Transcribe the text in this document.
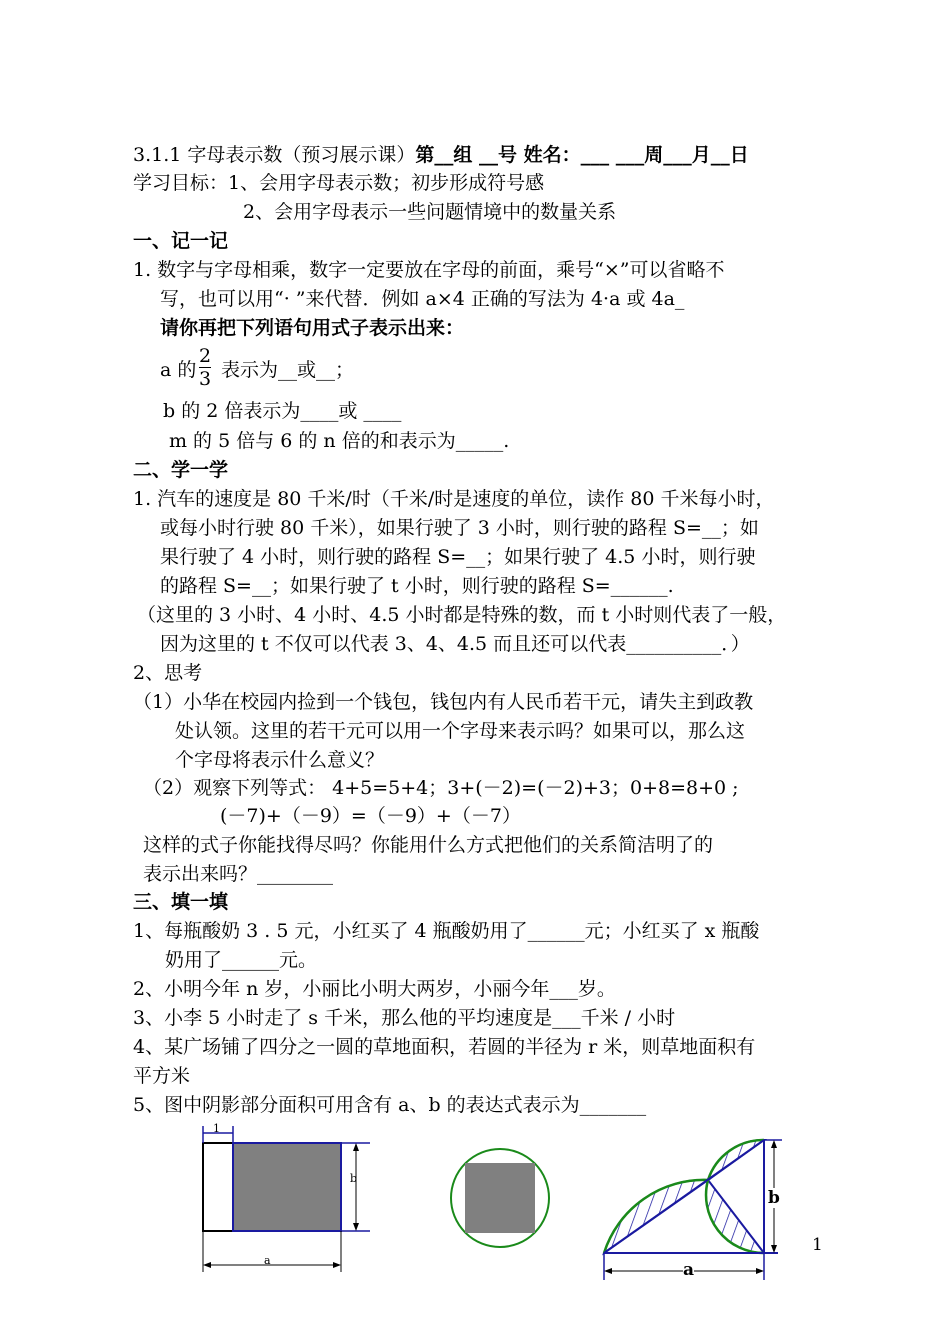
3.1.1 字母表示数（预习展示课）第__组 __号 姓名：___ ___周___月__日
学习目标：1、会用字母表示数；初步形成符号感
2、会用字母表示一些问题情境中的数量关系
一、记一记
1. 数字与字母相乘，数字一定要放在字母的前面，乘号“×”可以省略不
写，也可以用“· ”来代替．例如 a×4 正确的写法为 4·a 或 4a_
请你再把下列语句用式子表示出来：
a 的 $\frac{2}{3}$ 表示为__或__；
b 的 2 倍表示为____或 ____
m 的 5 倍与 6 的 n 倍的和表示为_____.
二、学一学
1. 汽车的速度是 80 千米/时（千米/时是速度的单位，读作 80 千米每小时，
或每小时行驶 80 千米），如果行驶了 3 小时，则行驶的路程 S=__；如
果行驶了 4 小时，则行驶的路程 S=__；如果行驶了 4.5 小时，则行驶
的路程 S=__；如果行驶了 t 小时，则行驶的路程 S=______.
（这里的 3 小时、4 小时、4.5 小时都是特殊的数，而 t 小时则代表了一般，
因为这里的 t 不仅可以代表 3、4、4.5 而且还可以代表__________．）
2、思考
（1）小华在校园内捡到一个钱包，钱包内有人民币若干元，请失主到政教
处认领。这里的若干元可以用一个字母来表示吗？如果可以，那么这
个字母将表示什么意义？
（2）观察下列等式： 4+5=5+4；3+(－2)=(－2)+3；0+8=8+0 ;
(－7)+（－9）=（－9）+（－7）
这样的式子你能找得尽吗？你能用什么方式把他们的关系简洁明了的
表示出来吗？________
三、填一填
1、每瓶酸奶 3 . 5 元，小红买了 4 瓶酸奶用了______元；小红买了 x 瓶酸
奶用了______元。
2、小明今年 n 岁，小丽比小明大两岁，小丽今年___岁。
3、小李 5 小时走了 s 千米，那么他的平均速度是___千米 / 小时
4、某广场铺了四分之一圆的草地面积，若圆的半径为 r 米，则草地面积有
平方米
5、图中阴影部分面积可用含有 a、b 的表达式表示为_______
1
b
a
b
a
1
